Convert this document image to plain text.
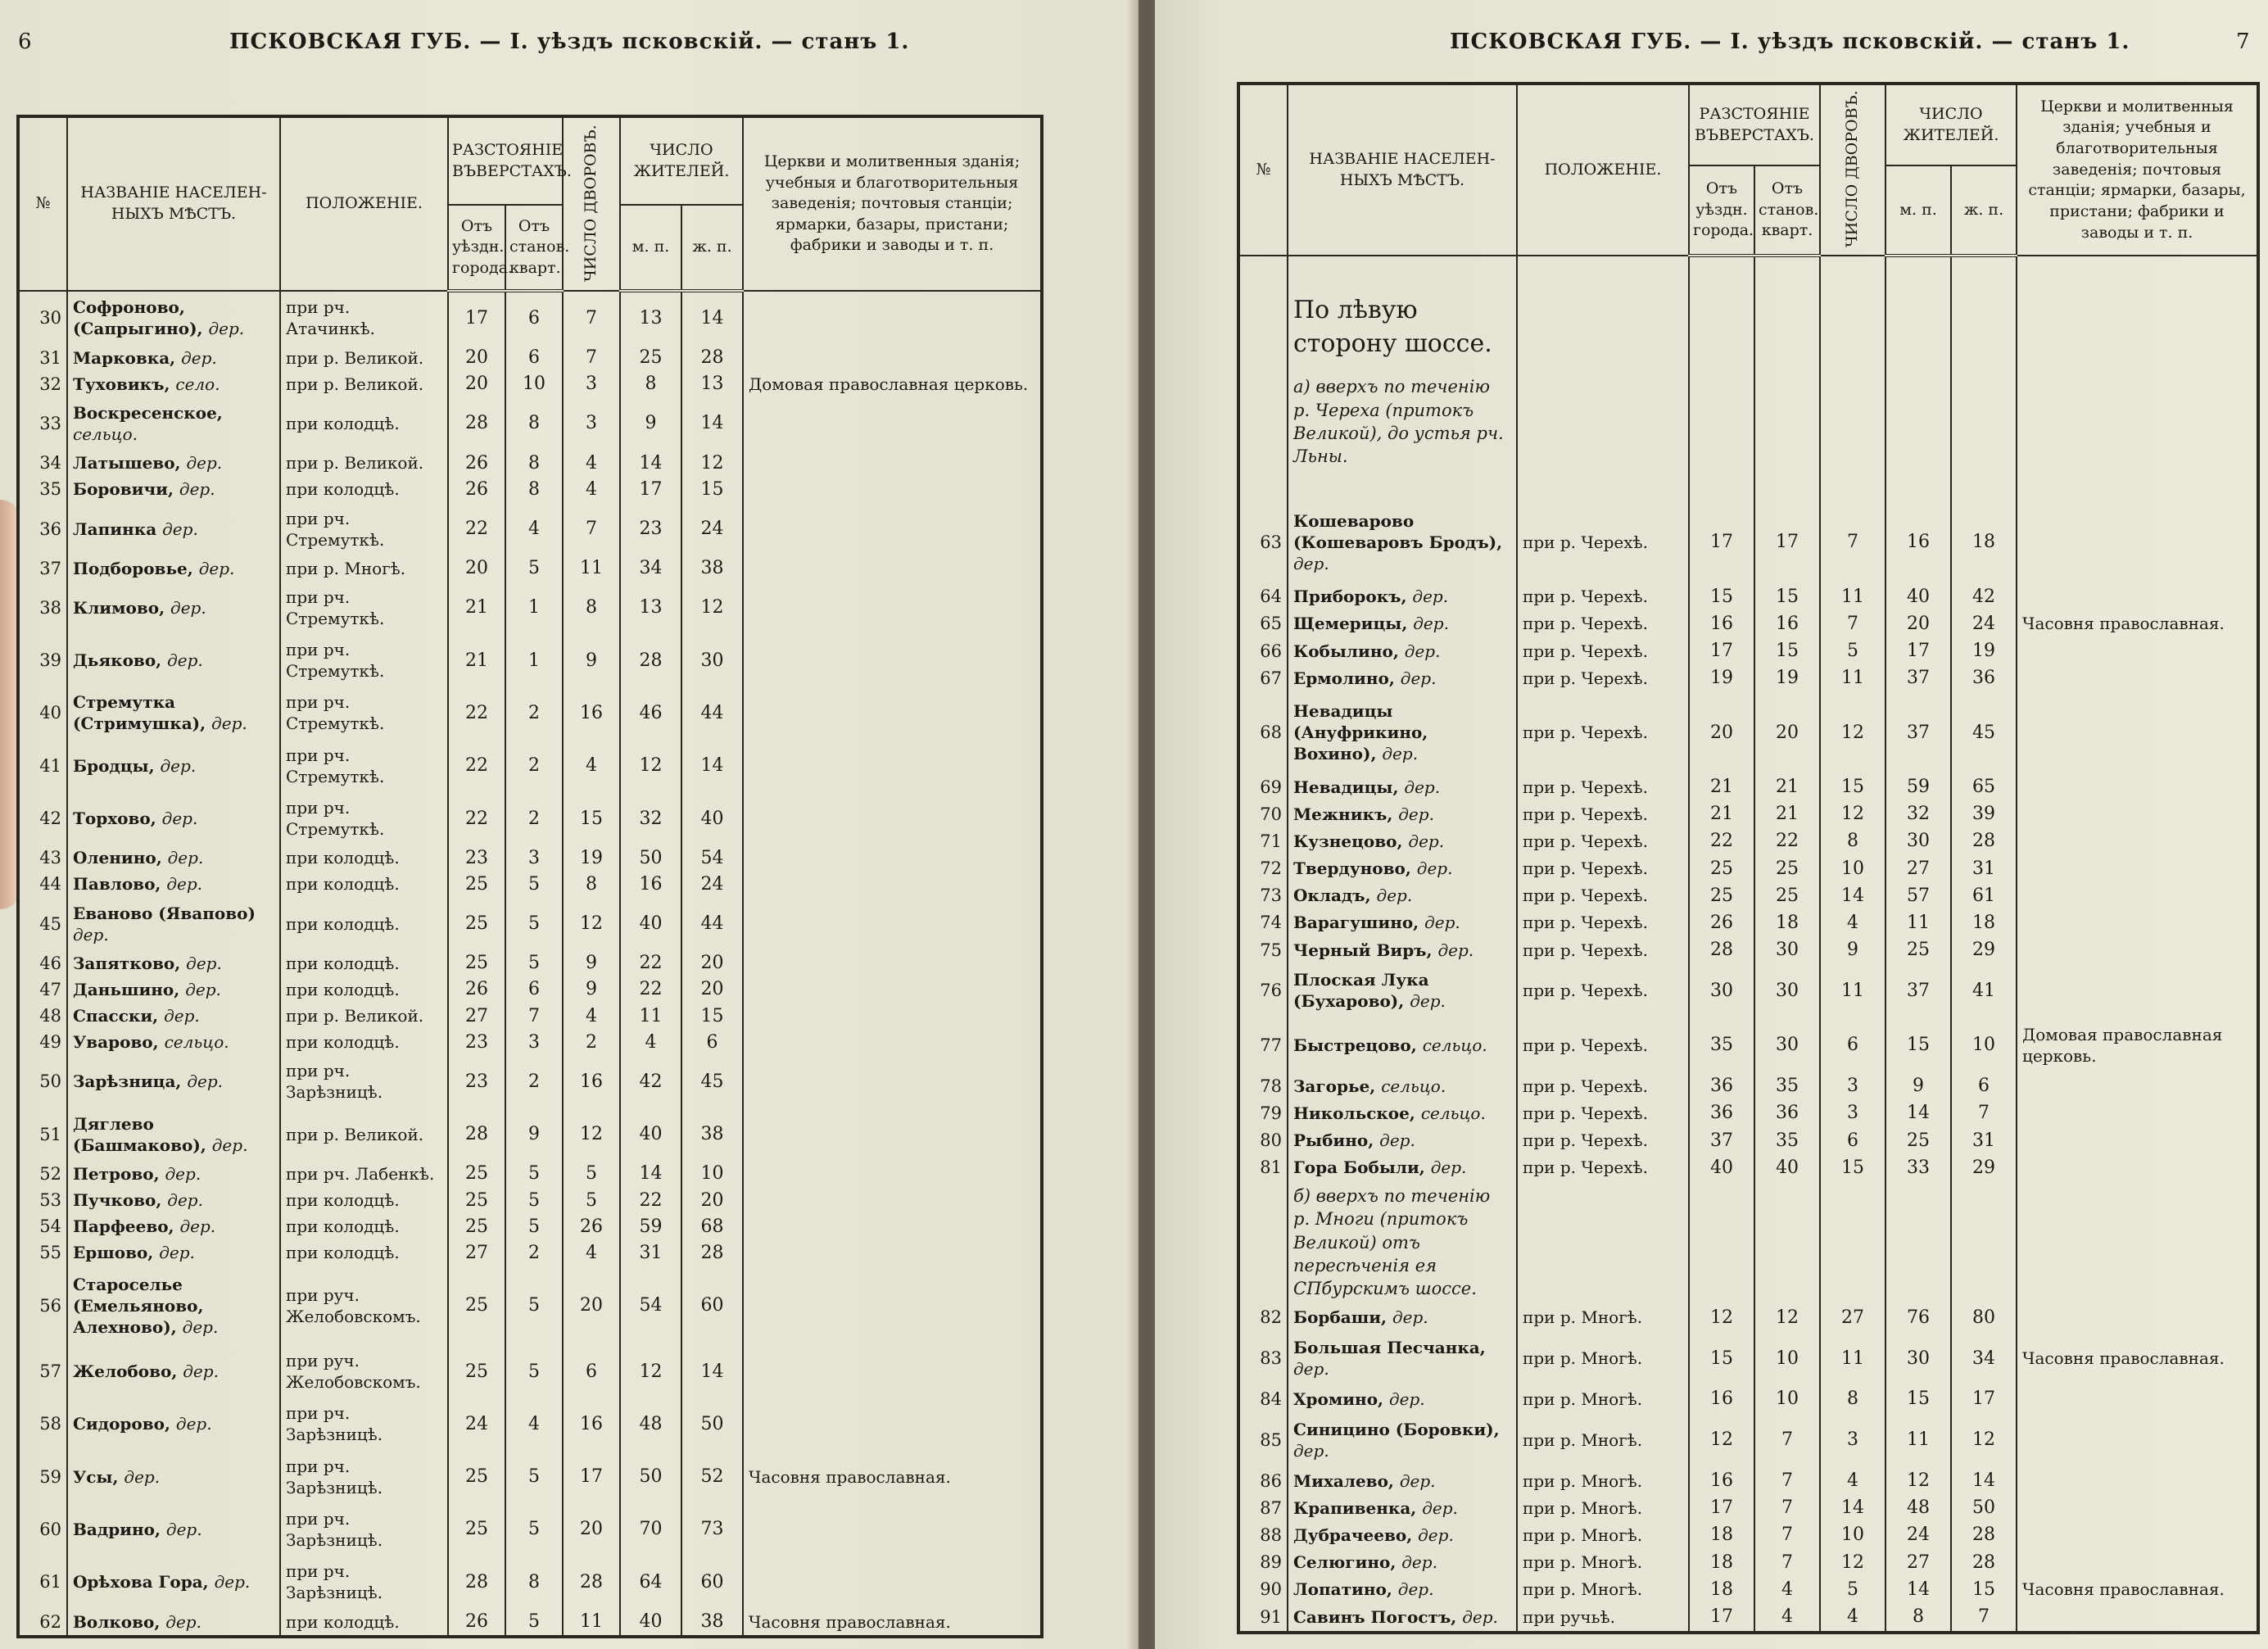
6	ПСКОВСКАЯ ГУБ. — I. уѣздъ псковскій. — станъ 1.
№	НАЗВАНІЕ НАСЕЛЕН-НЫХЪ МѢСТЪ.	ПОЛОЖЕНІЕ.	РАЗСТОЯНІЕ ВЪВЕРСТАХЪ.		ЧИСЛО ДВОРОВЪ.	ЧИСЛО ЖИТЕЛЕЙ.		Церкви и молитвенныя зданія; учебныя и благотворительныя заведенія; почтовыя станціи; ярмарки, базары, пристани; фабрики и заводы и т. п.
			Отъ уѣздн. города.	Отъ станов. кварт.		м. п.	ж. п.	
30	Софроново, (Сапрыгино), дер.	при рч. Атачинкѣ.	17	6	7	13	14	
31	Марковка, дер.	при р. Великой.	20	6	7	25	28	
32	Туховикъ, село.	при р. Великой.	20	10	3	8	13	Домовая православная церковь.
33	Воскресенское, сельцо.	при колодцѣ.	28	8	3	9	14	
34	Латышево, дер.	при р. Великой.	26	8	4	14	12	
35	Боровичи, дер.	при колодцѣ.	26	8	4	17	15	
36	Лапинка дер.	при рч. Стремуткѣ.	22	4	7	23	24	
37	Подборовье, дер.	при р. Многѣ.	20	5	11	34	38	
38	Климово, дер.	при рч. Стремуткѣ.	21	1	8	13	12	
39	Дьяково, дер.	при рч. Стремуткѣ.	21	1	9	28	30	
40	Стремутка (Стримушка), дер.	при рч. Стремуткѣ.	22	2	16	46	44	
41	Бродцы, дер.	при рч. Стремуткѣ.	22	2	4	12	14	
42	Торхово, дер.	при рч. Стремуткѣ.	22	2	15	32	40	
43	Оленино, дер.	при колодцѣ.	23	3	19	50	54	
44	Павлово, дер.	при колодцѣ.	25	5	8	16	24	
45	Еваново (Явапово) дер.	при колодцѣ.	25	5	12	40	44	
46	Запятково, дер.	при колодцѣ.	25	5	9	22	20	
47	Даньшино, дер.	при колодцѣ.	26	6	9	22	20	
48	Спасски, дер.	при р. Великой.	27	7	4	11	15	
49	Уварово, сельцо.	при колодцѣ.	23	3	2	4	6	
50	Зарѣзница, дер.	при рч. Зарѣзницѣ.	23	2	16	42	45	
51	Дяглево (Башмаково), дер.	при р. Великой.	28	9	12	40	38	
52	Петрово, дер.	при рч. Лабенкѣ.	25	5	5	14	10	
53	Пучково, дер.	при колодцѣ.	25	5	5	22	20	
54	Парфеево, дер.	при колодцѣ.	25	5	26	59	68	
55	Ершово, дер.	при колодцѣ.	27	2	4	31	28	
56	Староселье (Емельяново, Алехново), дер.	при руч. Желобовскомъ.	25	5	20	54	60	
57	Желобово, дер.	при руч. Желобовскомъ.	25	5	6	12	14	
58	Сидорово, дер.	при рч. Зарѣзницѣ.	24	4	16	48	50	
59	Усы, дер.	при рч. Зарѣзницѣ.	25	5	17	50	52	Часовня православная.
60	Вадрино, дер.	при рч. Зарѣзницѣ.	25	5	20	70	73	
61	Орѣхова Гора, дер.	при рч. Зарѣзницѣ.	28	8	28	64	60	
62	Волково, дер.	при колодцѣ.	26	5	11	40	38	Часовня православная.
ПСКОВСКАЯ ГУБ. — I. уѣздъ псковскій. — станъ 1.	7
№	НАЗВАНІЕ НАСЕЛЕН-НЫХЪ МѢСТЪ.	ПОЛОЖЕНІЕ.	РАЗСТОЯНІЕ ВЪВЕРСТАХЪ.		ЧИСЛО ДВОРОВЪ.	ЧИСЛО ЖИТЕЛЕЙ.		Церкви и молитвенныя зданія; учебныя и благотворительныя заведенія; почтовыя станціи; ярмарки, базары, пристани; фабрики и заводы и т. п.
			Отъ уѣздн. города.	Отъ станов. кварт.		м. п.	ж. п.	

	По лѣвую сторону шоссе.
а) вверхъ по теченію р. Череха (притокъ Великой), до устья рч. Льны.							

63	Кошеварово (Кошеваровъ Бродъ), дер.	при р. Черехѣ.	17	17	7	16	18	
64	Приборокъ, дер.	при р. Черехѣ.	15	15	11	40	42	
65	Щемерицы, дер.	при р. Черехѣ.	16	16	7	20	24	Часовня православная.
66	Кобылино, дер.	при р. Черехѣ.	17	15	5	17	19	
67	Ермолино, дер.	при р. Черехѣ.	19	19	11	37	36	
68	Невадицы (Ануфрикино, Вохино), дер.	при р. Черехѣ.	20	20	12	37	45	
69	Невадицы, дер.	при р. Черехѣ.	21	21	15	59	65	
70	Межникъ, дер.	при р. Черехѣ.	21	21	12	32	39	
71	Кузнецово, дер.	при р. Черехѣ.	22	22	8	30	28	
72	Твердуново, дер.	при р. Черехѣ.	25	25	10	27	31	
73	Окладъ, дер.	при р. Черехѣ.	25	25	14	57	61	
74	Варагушино, дер.	при р. Черехѣ.	26	18	4	11	18	
75	Черный Виръ, дер.	при р. Черехѣ.	28	30	9	25	29	
76	Плоская Лука (Бухарово), дер.	при р. Черехѣ.	30	30	11	37	41	
77	Быстрецово, сельцо.	при р. Черехѣ.	35	30	6	15	10	Домовая православная церковь.
78	Загорье, сельцо.	при р. Черехѣ.	36	35	3	9	6	
79	Никольское, сельцо.	при р. Черехѣ.	36	36	3	14	7	
80	Рыбино, дер.	при р. Черехѣ.	37	35	6	25	31	
81	Гора Бобыли, дер.	при р. Черехѣ.	40	40	15	33	29	

	б) вверхъ по теченію р. Многи (притокъ Великой) отъ пересѣченія ея СПбурскимъ шоссе.							

82	Борбаши, дер.	при р. Многѣ.	12	12	27	76	80	
83	Большая Песчанка, дер.	при р. Многѣ.	15	10	11	30	34	Часовня православная.
84	Хромино, дер.	при р. Многѣ.	16	10	8	15	17	
85	Синицино (Боровки), дер.	при р. Многѣ.	12	7	3	11	12	
86	Михалево, дер.	при р. Многѣ.	16	7	4	12	14	
87	Крапивенка, дер.	при р. Многѣ.	17	7	14	48	50	
88	Дубрачеево, дер.	при р. Многѣ.	18	7	10	24	28	
89	Селюгино, дер.	при р. Многѣ.	18	7	12	27	28	
90	Лопатино, дер.	при р. Многѣ.	18	4	5	14	15	Часовня православная.
91	Савинъ Погостъ, дер.	при ручьѣ.	17	4	4	8	7	
